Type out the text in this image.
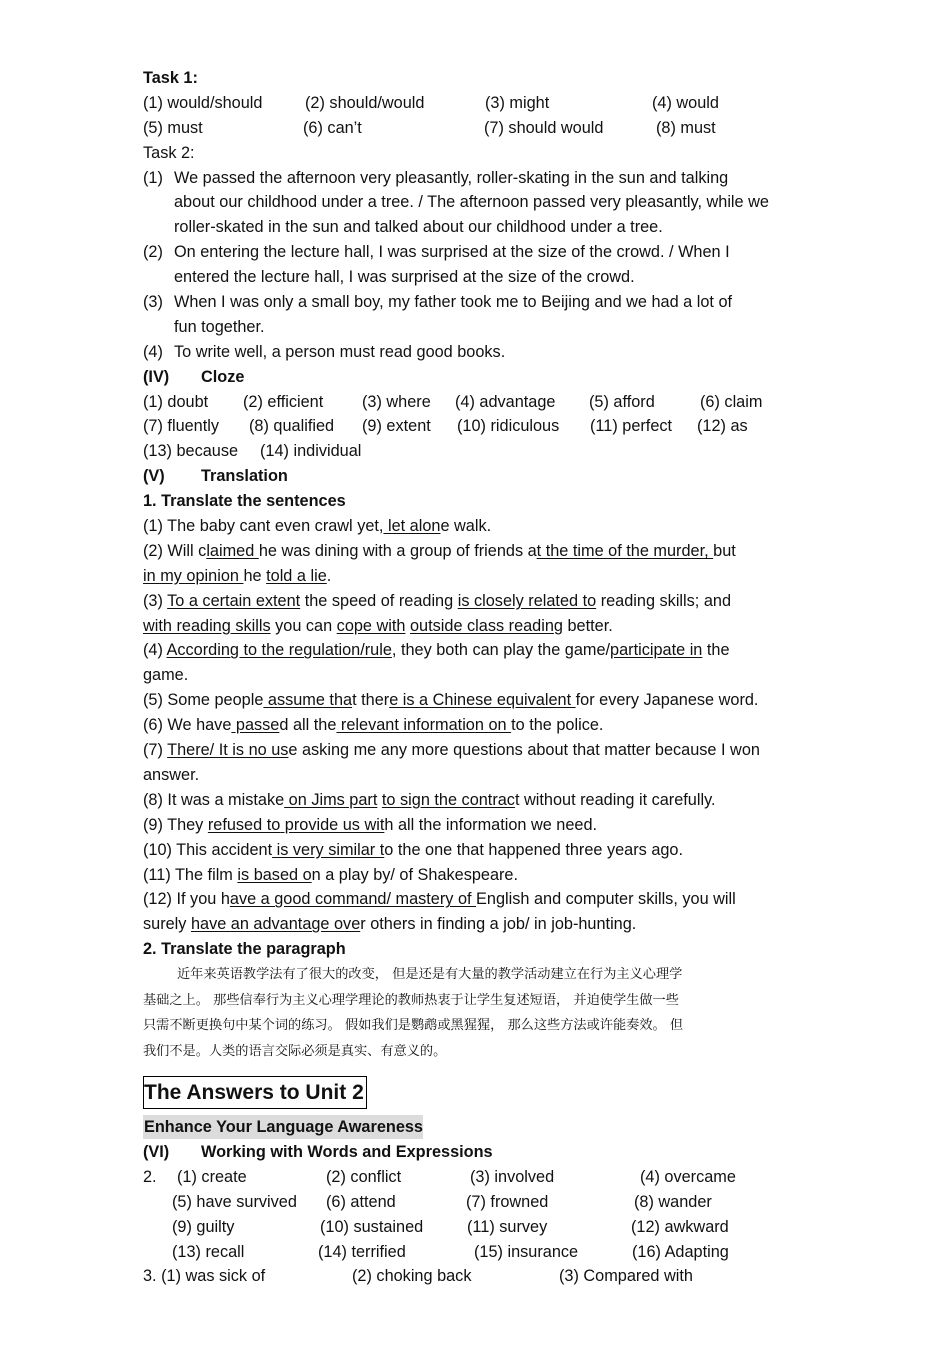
Task 1:
(1) would/should	(2) should/would	(3) might	(4) would
(5) must	(6) can’t	(7) should would	(8) must
Task 2:
(1) We passed the afternoon very pleasantly, roller-skating in the sun and talking
about our childhood under a tree. / The afternoon passed very pleasantly, while we
roller-skated in the sun and talked about our childhood under a tree.
(2) On entering the lecture hall, I was surprised at the size of the crowd. / When I
entered the lecture hall, I was surprised at the size of the crowd.
(3) When I was only a small boy, my father took me to Beijing and we had a lot of
fun together.
(4) To write well, a person must read good books.
(IV) Cloze
(1) doubt (2) efficient (3) where (4) advantage (5) afford	(6) claim
(7) fluently (8) qualified (9) extent (10) ridiculous (11) perfect (12) as
(13) because (14) individual
(V) Translation
1. Translate the sentences
(1) The baby cant even crawl yet, let alone walk.
(2) Will claimed he was dining with a group of friends at the time of the murder, but
in my opinion he told a lie.
(3) To a certain extent the speed of reading is closely related to reading skills; and
with reading skills you can cope with outside class reading better.
(4) According to the regulation/rule, they both can play the game/participate in the
game.
(5) Some people assume that there is a Chinese equivalent for every Japanese word.
(6) We have passed all the relevant information on to the police.
(7) There/ It is no use asking me any more questions about that matter because I won
answer.
(8) It was a mistake on Jims part to sign the contract without reading it carefully.
(9) They refused to provide us with all the information we need.
(10) This accident is very similar to the one that happened three years ago.
(11) The film is based on a play by/ of Shakespeare.
(12) If you have a good command/ mastery of English and computer skills, you will
surely have an advantage over others in finding a job/ in job-hunting.
2. Translate the paragraph
近年来英语教学法有了很大的改变， 但是还是有大量的教学活动建立在行为主义心理学
基础之上。 那些信奉行为主义心理学理论的教师热衷于让学生复述短语， 并迫使学生做一些
只需不断更换句中某个词的练习。 假如我们是鹦鹉或黑猩猩， 那么这些方法或许能奏效。 但
我们不是。人类的语言交际必须是真实、有意义的。
The Answers to Unit 2
Enhance Your Language Awareness
(VI) Working with Words and Expressions
2. (1) create	(2) conflict	(3) involved	(4) overcame
(5) have survived (6) attend	(7) frowned	(8) wander
(9) guilty	(10) sustained	(11) survey	(12) awkward
(13) recall	(14) terrified	(15) insurance	(16) Adapting
3. (1) was sick of	(2) choking back	(3) Compared with
